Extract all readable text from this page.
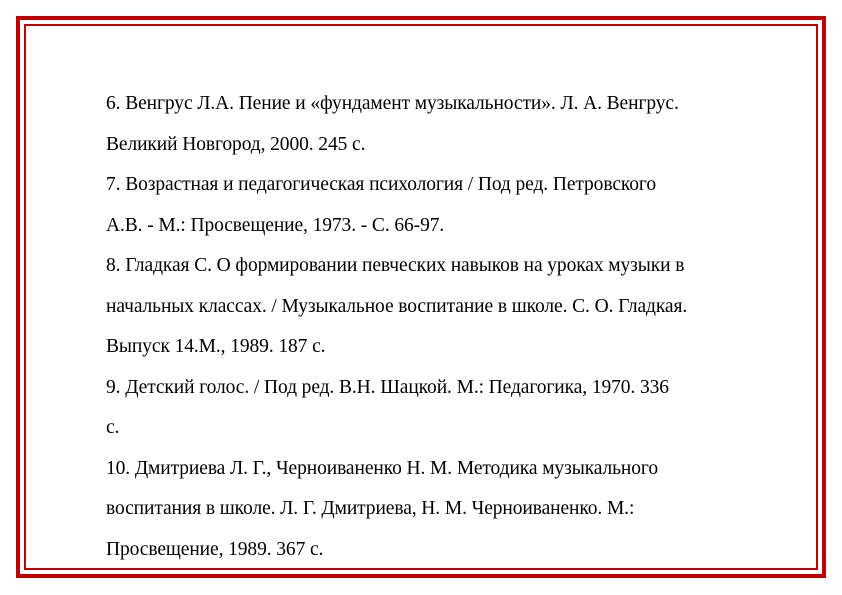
6. Венгрус Л.А. Пение и «фундамент музыкальности». Л. А. Венгрус.
Великий Новгород, 2000. 245 с.
7. Возрастная и педагогическая психология / Под ред. Петровского
А.В. - М.: Просвещение, 1973. - С. 66-97.
8. Гладкая С. О формировании певческих навыков на уроках музыки в
начальных классах. / Музыкальное воспитание в школе. С. О. Гладкая.
Выпуск 14.М., 1989. 187 с.
9. Детский голос. / Под ред. В.Н. Шацкой. М.: Педагогика, 1970. 336
с.
10. Дмитриева Л. Г., Черноиваненко Н. М. Методика музыкального
воспитания в школе. Л. Г. Дмитриева, Н. М. Черноиваненко. М.:
Просвещение, 1989. 367 с.
